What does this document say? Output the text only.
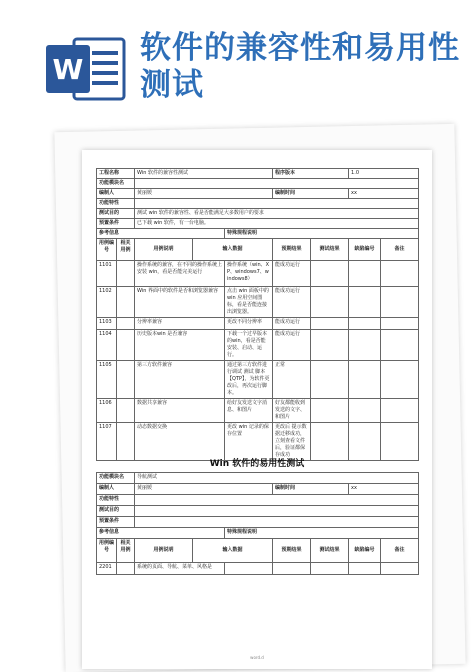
W
软件的兼容性和易用性测试
工程名称		Win 软件的兼容性测试			程序版本		1.0	
功能模块名								
编制人		黄丽媛			编制时间		xx	
功能特性								
测试目的		测试 win 软件的兼容性、看是否能满足大多数用户的要求						
预置条件		已下载 win 软件，有一台电脑。						
参考信息				特殊规程说明				
用例编号	相关用例	用例说明	输入数据		预期结果	测试结果	缺陷编号	备注
1101		操作系统的兼容，在不同的操作系统上安装 win，看是否能完美运行		操作系统（win、XP、windows7、windows8）	能成功运行			
1102		Win 界面中的软件是否和浏览器兼容		点击 win 面板中的 win 应用空间图标，看是否能连接出浏览器。	能成功运行			
1103		分辨率兼容		更改不同分辨率	能成功运行			
1104		历史版本win 是否兼容		下载一个过早版本的win，看是否能安装、启动、运行。	能成功运行			
1105		第三方软件兼容		通过第三方软件进行调试 测试 脚本【QTP】，为软件更改后，再次运行脚本。	正常			
1106		数据共享兼容		给好友发送文字消息、和图片	好友都能收到发送的文字、和图片			
1107		动态数据交换		更改 win 记录的保存位置	更改后 提示数据迁移成功，立刻查看文件后，验证都保存成功			
Win 软件的易用性测试
功能模块名		导航测试						
编制人		黄丽媛			编制时间		xx	
功能特性								
测试目的								
预置条件								
参考信息				特殊规程说明				
用例编号	相关用例	用例说明	输入数据		预期结果	测试结果	缺陷编号	备注
2201		系统的页面、导航、菜单、风格是						
word.d
